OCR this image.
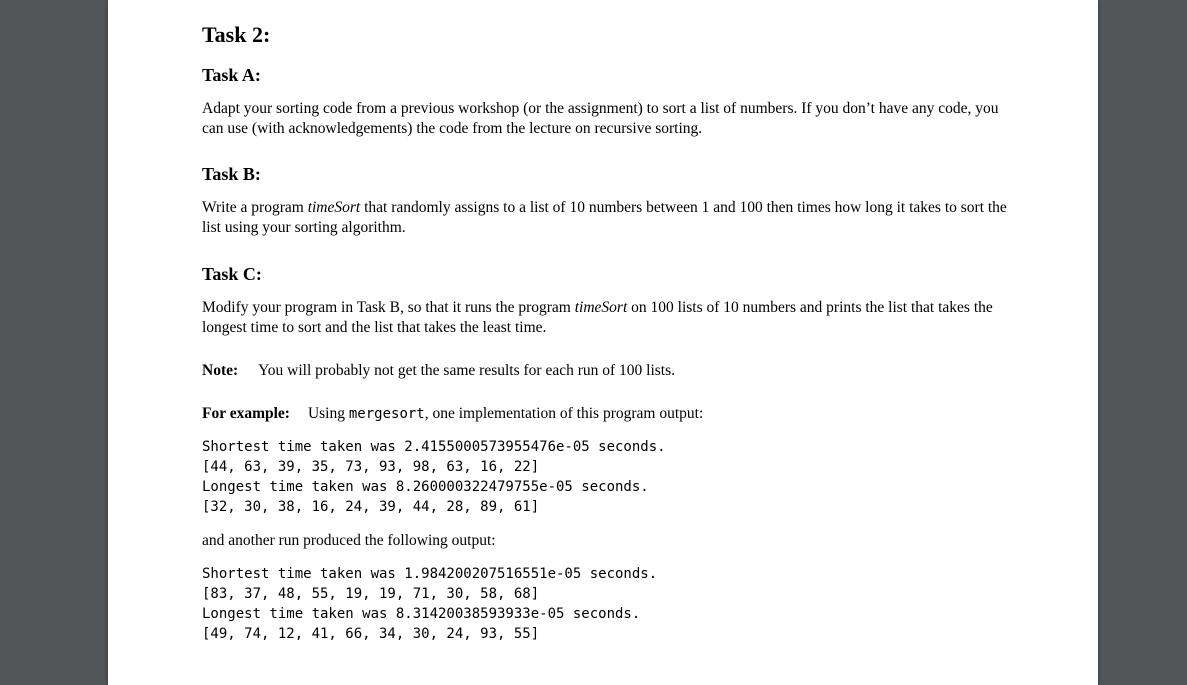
Task 2:
Task A:

Adapt your sorting code from a previous workshop (or the assignment) to sort a list of numbers. If you don’t have any code, you can use (with acknowledgements) the code from the lecture on recursive sorting.

Task B:

Write a program timeSort that randomly assigns to a list of 10 numbers between 1 and 100 then times how long it takes to sort the list using your sorting algorithm.

Task C:

Modify your program in Task B, so that it runs the program timeSort on 100 lists of 10 numbers and prints the list that takes the longest time to sort and the list that takes the least time.

Note: You will probably not get the same results for each run of 100 lists.

For example: Using mergesort, one implementation of this program output:

Shortest time taken was 2.4155000573955476e-05 seconds.

[44, 63, 39, 35, 73, 93, 98, 63, 16, 22]

Longest time taken was 8.260000322479755e-05 seconds.

[32, 30, 38, 16, 24, 39, 44, 28, 89, 61]

and another run produced the following output:

Shortest time taken was 1.984200207516551e-05 seconds.

[83, 37, 48, 55, 19, 19, 71, 30, 58, 68]

Longest time taken was 8.31420038593933e-05 seconds.

[49, 74, 12, 41, 66, 34, 30, 24, 93, 55]
